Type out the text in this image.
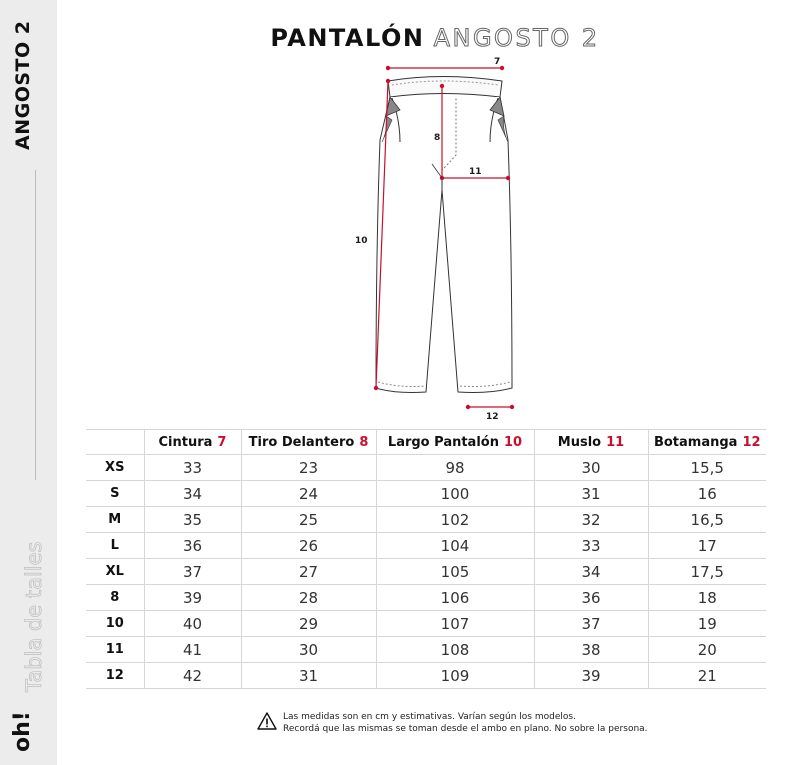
ANGOSTO 2
Tabla de talles
oh!
PANTALÓN ANGOSTO 2
7
8
10
11
12
	Cintura 7	Tiro Delantero 8	Largo Pantalón 10	Muslo 11	Botamanga 12
XS	33	23	98	30	15,5
S	34	24	100	31	16
M	35	25	102	32	16,5
L	36	26	104	33	17
XL	37	27	105	34	17,5
8	39	28	106	36	18
10	40	29	107	37	19
11	41	30	108	38	20
12	42	31	109	39	21
Las medidas son en cm y estimativas. Varían según los modelos.
Recordá que las mismas se toman desde el ambo en plano. No sobre la persona.
